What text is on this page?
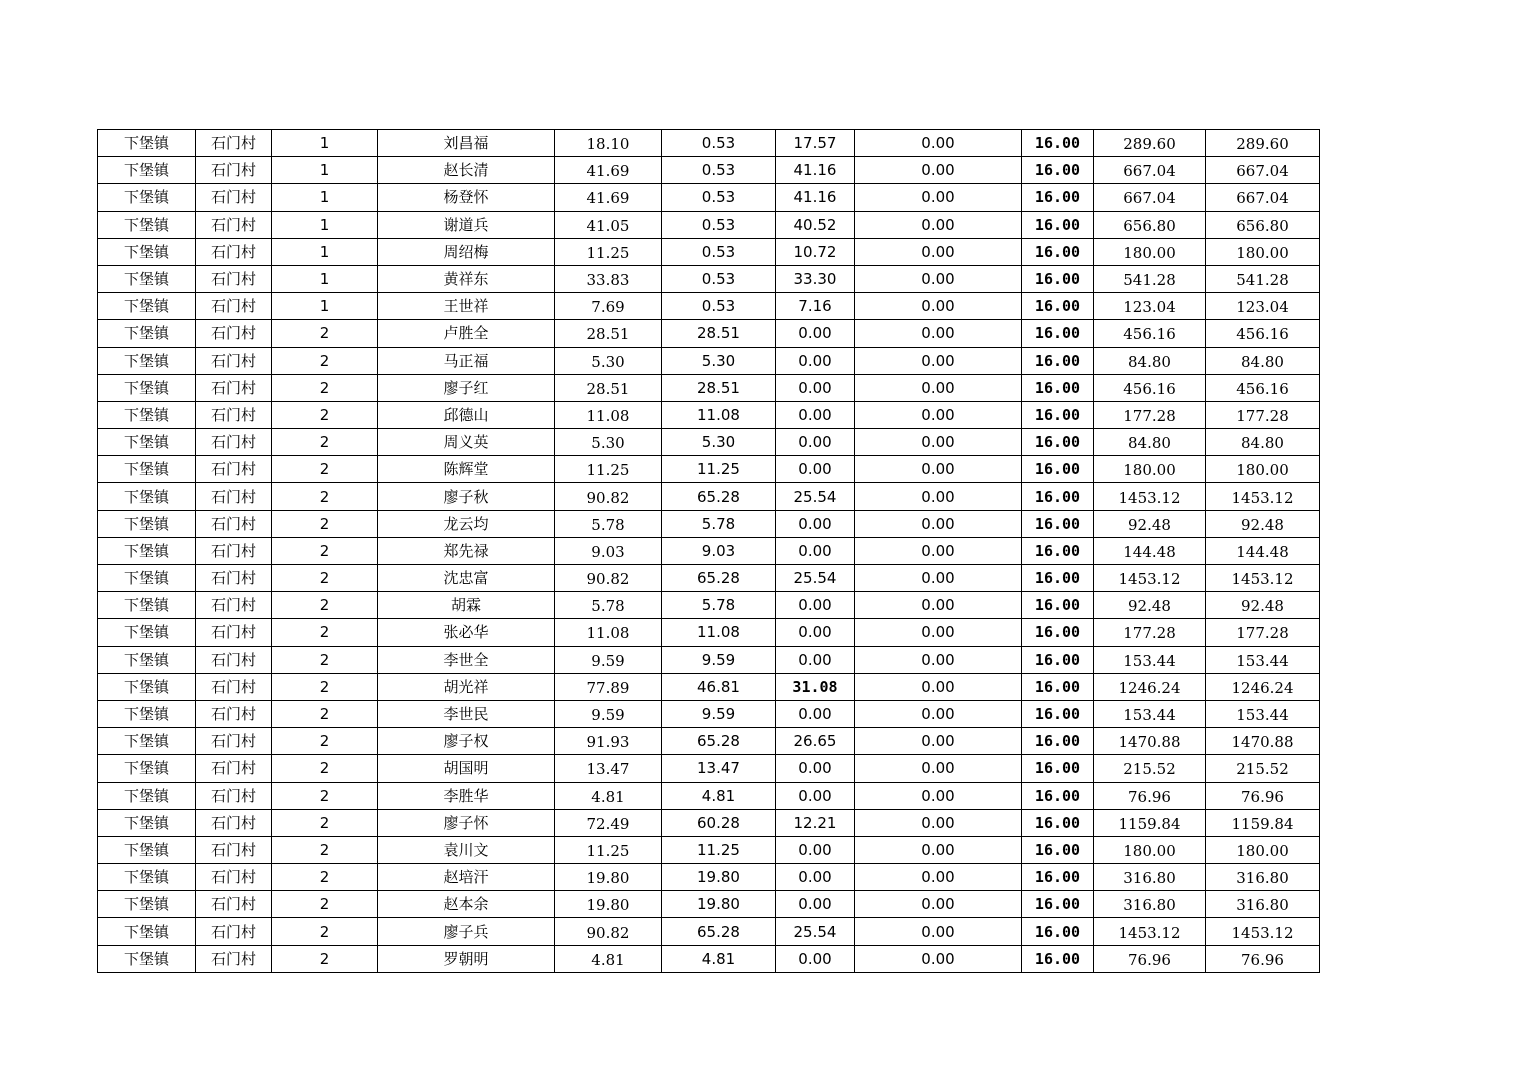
下堡镇	石门村	1	刘昌福	18.10	0.53	17.57	0.00	16.00	289.60	289.60
下堡镇	石门村	1	赵长清	41.69	0.53	41.16	0.00	16.00	667.04	667.04
下堡镇	石门村	1	杨登怀	41.69	0.53	41.16	0.00	16.00	667.04	667.04
下堡镇	石门村	1	谢道兵	41.05	0.53	40.52	0.00	16.00	656.80	656.80
下堡镇	石门村	1	周绍梅	11.25	0.53	10.72	0.00	16.00	180.00	180.00
下堡镇	石门村	1	黄祥东	33.83	0.53	33.30	0.00	16.00	541.28	541.28
下堡镇	石门村	1	王世祥	7.69	0.53	7.16	0.00	16.00	123.04	123.04
下堡镇	石门村	2	卢胜全	28.51	28.51	0.00	0.00	16.00	456.16	456.16
下堡镇	石门村	2	马正福	5.30	5.30	0.00	0.00	16.00	84.80	84.80
下堡镇	石门村	2	廖子红	28.51	28.51	0.00	0.00	16.00	456.16	456.16
下堡镇	石门村	2	邱德山	11.08	11.08	0.00	0.00	16.00	177.28	177.28
下堡镇	石门村	2	周义英	5.30	5.30	0.00	0.00	16.00	84.80	84.80
下堡镇	石门村	2	陈辉堂	11.25	11.25	0.00	0.00	16.00	180.00	180.00
下堡镇	石门村	2	廖子秋	90.82	65.28	25.54	0.00	16.00	1453.12	1453.12
下堡镇	石门村	2	龙云均	5.78	5.78	0.00	0.00	16.00	92.48	92.48
下堡镇	石门村	2	郑先禄	9.03	9.03	0.00	0.00	16.00	144.48	144.48
下堡镇	石门村	2	沈忠富	90.82	65.28	25.54	0.00	16.00	1453.12	1453.12
下堡镇	石门村	2	胡霖	5.78	5.78	0.00	0.00	16.00	92.48	92.48
下堡镇	石门村	2	张必华	11.08	11.08	0.00	0.00	16.00	177.28	177.28
下堡镇	石门村	2	李世全	9.59	9.59	0.00	0.00	16.00	153.44	153.44
下堡镇	石门村	2	胡光祥	77.89	46.81	31.08	0.00	16.00	1246.24	1246.24
下堡镇	石门村	2	李世民	9.59	9.59	0.00	0.00	16.00	153.44	153.44
下堡镇	石门村	2	廖子权	91.93	65.28	26.65	0.00	16.00	1470.88	1470.88
下堡镇	石门村	2	胡国明	13.47	13.47	0.00	0.00	16.00	215.52	215.52
下堡镇	石门村	2	李胜华	4.81	4.81	0.00	0.00	16.00	76.96	76.96
下堡镇	石门村	2	廖子怀	72.49	60.28	12.21	0.00	16.00	1159.84	1159.84
下堡镇	石门村	2	袁川文	11.25	11.25	0.00	0.00	16.00	180.00	180.00
下堡镇	石门村	2	赵培汗	19.80	19.80	0.00	0.00	16.00	316.80	316.80
下堡镇	石门村	2	赵本余	19.80	19.80	0.00	0.00	16.00	316.80	316.80
下堡镇	石门村	2	廖子兵	90.82	65.28	25.54	0.00	16.00	1453.12	1453.12
下堡镇	石门村	2	罗朝明	4.81	4.81	0.00	0.00	16.00	76.96	76.96
